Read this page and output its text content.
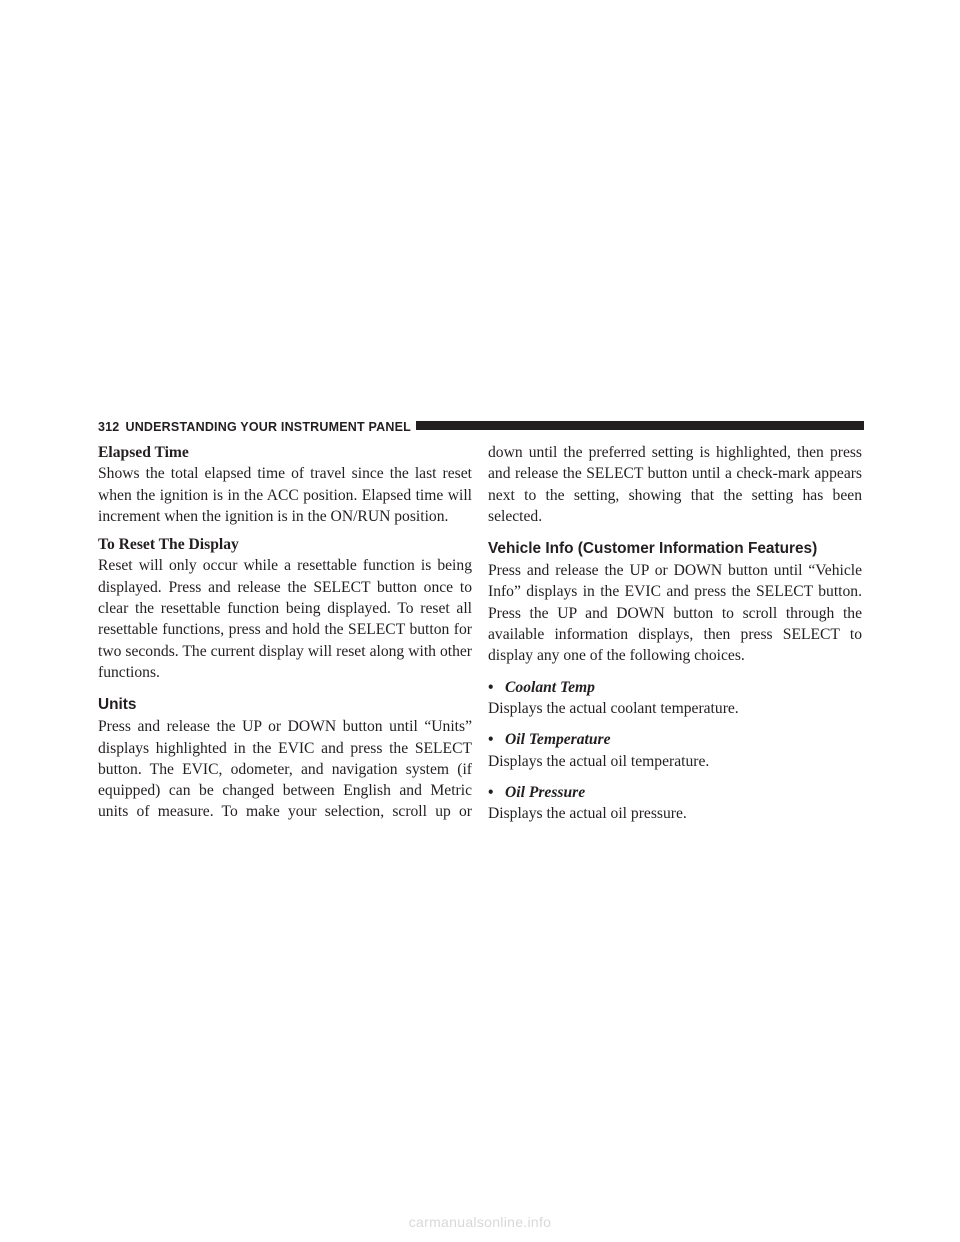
312 UNDERSTANDING YOUR INSTRUMENT PANEL
Elapsed Time

Shows the total elapsed time of travel since the last reset when the ignition is in the ACC position. Elapsed time will increment when the ignition is in the ON/RUN position.

To Reset The Display

Reset will only occur while a resettable function is being displayed. Press and release the SELECT button once to clear the resettable function being displayed. To reset all resettable functions, press and hold the SELECT button for two seconds. The current display will reset along with other functions.

Units

Press and release the UP or DOWN button until “Units” displays highlighted in the EVIC and press the SELECT button. The EVIC, odometer, and navigation system (if equipped) can be changed between English and Metric units of measure. To make your selection, scroll up or

down until the preferred setting is highlighted, then press and release the SELECT button until a check-mark appears next to the setting, showing that the setting has been selected.

Vehicle Info (Customer Information Features)

Press and release the UP or DOWN button until “Vehicle Info” displays in the EVIC and press the SELECT button. Press the UP and DOWN button to scroll through the available information displays, then press SELECT to display any one of the following choices.

• Coolant Temp
Displays the actual coolant temperature.
• Oil Temperature
Displays the actual oil temperature.
• Oil Pressure
Displays the actual oil pressure.
carmanualsonline.info
